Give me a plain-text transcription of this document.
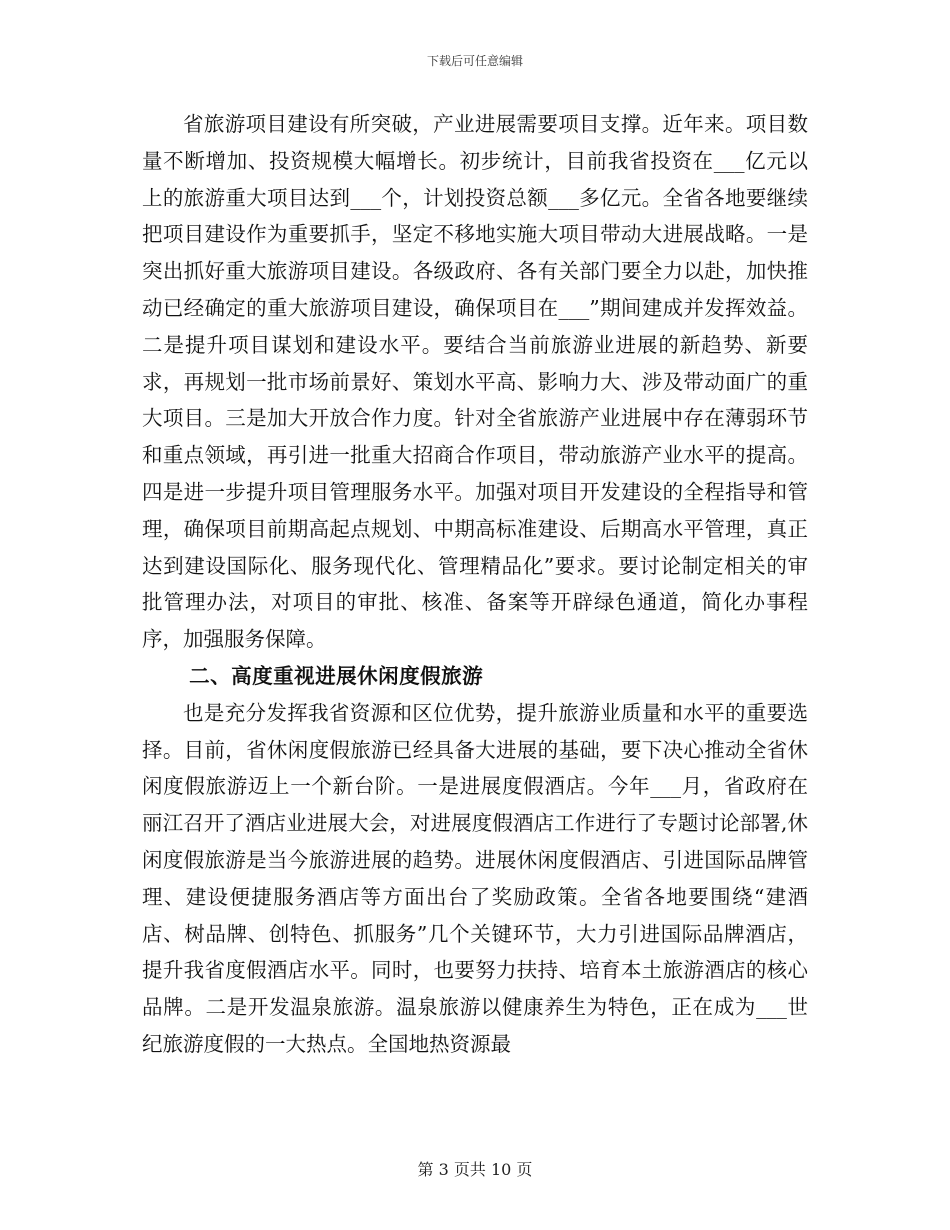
下载后可任意编辑

省旅游项目建设有所突破，产业进展需要项目支撑。近年来。项目数量不断增加、投资规模大幅增长。初步统计，目前我省投资在___亿元以上的旅游重大项目达到___个，计划投资总额___多亿元。全省各地要继续把项目建设作为重要抓手，坚定不移地实施大项目带动大进展战略。一是突出抓好重大旅游项目建设。各级政府、各有关部门要全力以赴，加快推动已经确定的重大旅游项目建设，确保项目在___”期间建成并发挥效益。二是提升项目谋划和建设水平。要结合当前旅游业进展的新趋势、新要求，再规划一批市场前景好、策划水平高、影响力大、涉及带动面广的重大项目。三是加大开放合作力度。针对全省旅游产业进展中存在薄弱环节和重点领域，再引进一批重大招商合作项目，带动旅游产业水平的提高。四是进一步提升项目管理服务水平。加强对项目开发建设的全程指导和管理，确保项目前期高起点规划、中期高标准建设、后期高水平管理，真正达到建设国际化、服务现代化、管理精品化”要求。要讨论制定相关的审批管理办法，对项目的审批、核准、备案等开辟绿色通道，简化办事程序，加强服务保障。

二、高度重视进展休闲度假旅游

也是充分发挥我省资源和区位优势，提升旅游业质量和水平的重要选择。目前，省休闲度假旅游已经具备大进展的基础，要下决心推动全省休闲度假旅游迈上一个新台阶。一是进展度假酒店。今年___月，省政府在丽江召开了酒店业进展大会，对进展度假酒店工作进行了专题讨论部署,休闲度假旅游是当今旅游进展的趋势。进展休闲度假酒店、引进国际品牌管理、建设便捷服务酒店等方面出台了奖励政策。全省各地要围绕“建酒店、树品牌、创特色、抓服务”几个关键环节，大力引进国际品牌酒店，提升我省度假酒店水平。同时，也要努力扶持、培育本土旅游酒店的核心品牌。二是开发温泉旅游。温泉旅游以健康养生为特色，正在成为___世纪旅游度假的一大热点。全国地热资源最

第 3 页共 10 页
